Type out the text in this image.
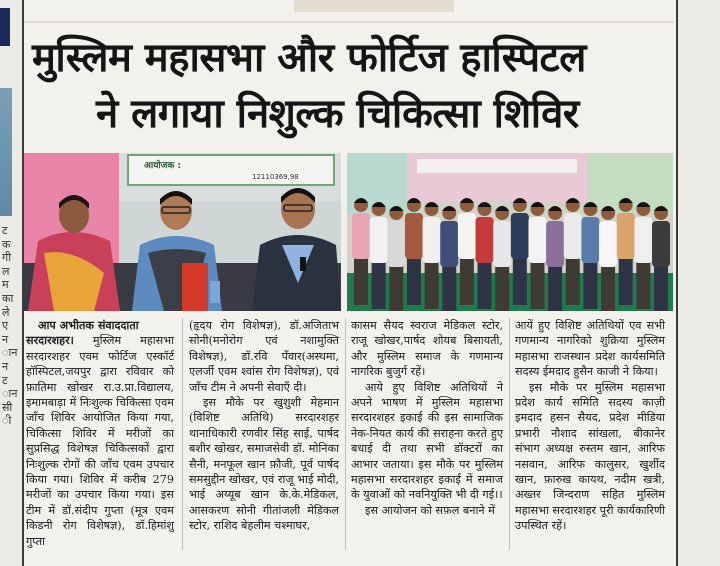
ट
क
गी
ल
म
का
ले
ए
न
ान
न
ट
ान
सी
ी
मुस्लिम महासभा और फोर्टिज हास्पिटल
ने लगाया निशुल्क चिकित्सा शिविर
आयोजक :
12110369,98
आप अभीतक संवाददाता

सरदारशहर। मुस्लिम महासभा सरदारशहर एवम फोर्टिज एस्कॉर्ट हॉस्पिटल,जयपुर द्वारा रविवार को फ़ातिमा खोखर रा.उ.प्रा.विद्यालय, इमामबाड़ा में निःशुल्क चिकित्सा एवम जाँच शिविर आयोजित किया गया, चिकित्सा शिविर में मरीजों का सुप्रसिद्ध विशेषज्ञ चिकित्सकों द्वारा निःशुल्क रोगों की जाँच एवम उपचार किया गया। शिविर में करीब 279 मरीजों का उपचार किया गया। इस टीम में डॉ.संदीप गुप्ता (मूत्र एवम किडनी रोग विशेषज्ञ), डॉ.हिमांशु गुप्ता

(हृदय रोग विशेषज्ञ), डॉ.अजिताभ सोनी(मनोरोग एवं नशामुक्ति विशेषज्ञ), डॉ.रवि पँवार(अस्थमा, एलर्जी एवम श्वांस रोग विशेषज्ञ), एवं जाँच टीम ने अपनी सेवाएँ दी।

इस मौके पर खुशुशी मेहमान (विशिष्ट अतिथि) सरदारशहर थानाधिकारी रणवीर सिंह साई, पार्षद बशीर खोखर, समाजसेवी डॉ. मोनिका सैनी, मनफूल खान फ़ौजी, पूर्व पार्षद समसुद्दीन खोखर, एवं राजू भाई मोदी, भाई अय्यूब खान के.के.मेडिकल, आसकरण सोनी गीतांजली मेडिकल स्टोर, राशिद बेहलीम चश्माघर,

कासम सैयद स्वराज मेडिकल स्टोर, राजू खोखर,पार्षद शोयब बिसायती, और मुस्लिम समाज के गणमान्य नागरिक बुजुर्ग रहें।

आये हुए विशिष्ट अतिथियों ने अपने भाषण में मुस्लिम महासभा सरदारशहर इकाई की इस सामाजिक नेक-नियत कार्य की सराहना करते हुए बधाई दी तथा सभी डॉक्टरों का आभार जताया। इस मौके पर मुस्लिम महासभा सरदारशहर इकाई में समाज के युवाओं को नवनियुक्ति भी दी गई।।

इस आयोजन को सफ़ल बनाने में

आयें हुए विशिष्ट अतिथियों एव सभी गणमान्य नागरिको शुक्रिया मुस्लिम महासभा राजस्थान प्रदेश कार्यसमिति सदस्य ईमदाद हुसैन काजी ने किया।

इस मौके पर मुस्लिम महासभा प्रदेश कार्य समिति सदस्य काज़ी इमदाद हसन सैयद, प्रदेश मीडिया प्रभारी नौशाद सांखला, बीकानेर संभाग अध्यक्ष रुस्तम खान, आरिफ नसवान, आरिफ कालुसर, खुर्शीद खान, फ़ारुख कायथ, नदीम खत्री, अख्तर जिन्दराण सहित मुस्लिम महासभा सरदारशहर पूरी कार्यकारिणी उपस्थित रहें।
